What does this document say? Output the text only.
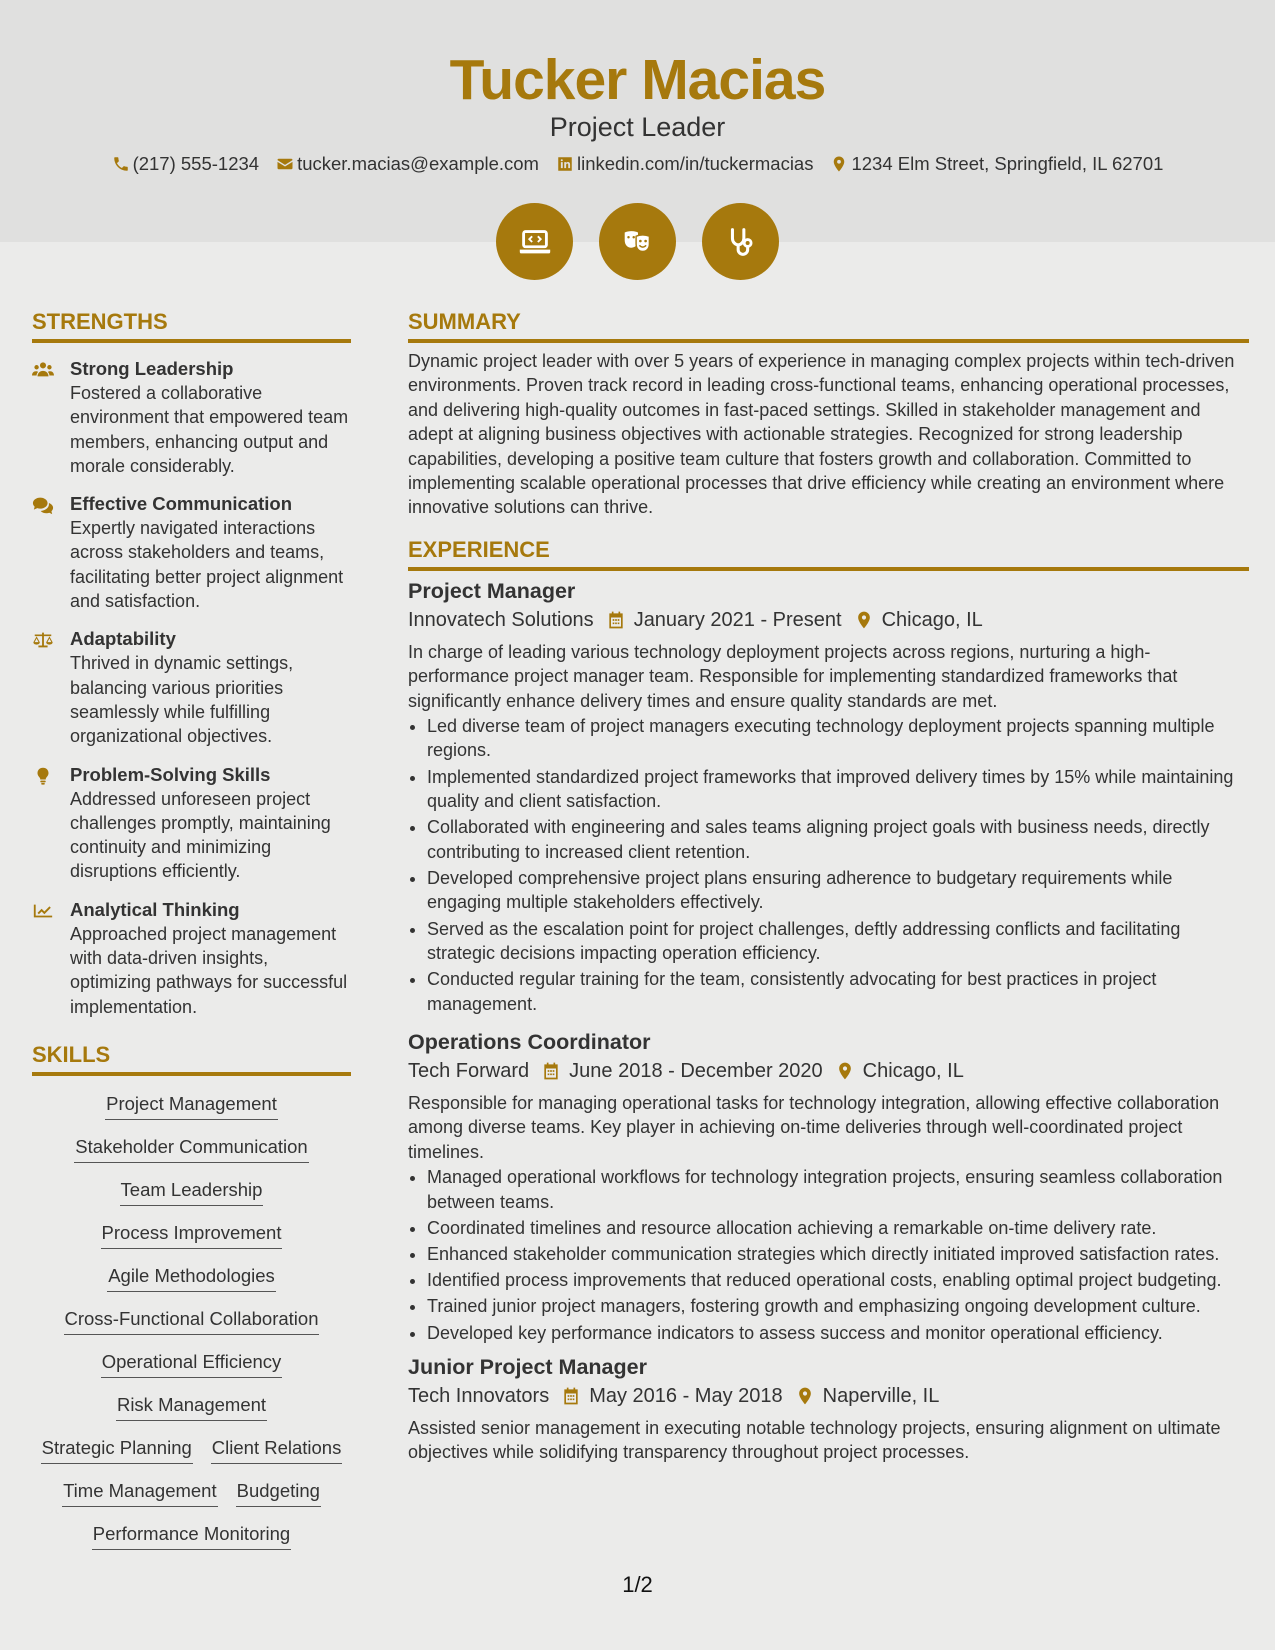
Tucker Macias
Project Leader
(217) 555-1234 tucker.macias@example.com linkedin.com/in/tuckermacias 1234 Elm Street, Springfield, IL 62701
STRENGTHS
Strong Leadership
Fostered a collaborative environment that empowered team members, enhancing output and morale considerably.
Effective Communication
Expertly navigated interactions across stakeholders and teams, facilitating better project alignment and satisfaction.
Adaptability
Thrived in dynamic settings, balancing various priorities seamlessly while fulfilling organizational objectives.
Problem-Solving Skills
Addressed unforeseen project challenges promptly, maintaining continuity and minimizing disruptions efficiently.
Analytical Thinking
Approached project management with data-driven insights, optimizing pathways for successful implementation.
SKILLS
Project Management
Stakeholder Communication
Team Leadership
Process Improvement
Agile Methodologies
Cross-Functional Collaboration
Operational Efficiency
Risk Management
Strategic Planning Client Relations
Time Management Budgeting
Performance Monitoring
SUMMARY
Dynamic project leader with over 5 years of experience in managing complex projects within tech-driven environments. Proven track record in leading cross-functional teams, enhancing operational processes, and delivering high-quality outcomes in fast-paced settings. Skilled in stakeholder management and adept at aligning business objectives with actionable strategies. Recognized for strong leadership capabilities, developing a positive team culture that fosters growth and collaboration. Committed to implementing scalable operational processes that drive efficiency while creating an environment where innovative solutions can thrive.
EXPERIENCE
Project Manager
Innovatech Solutions January 2021 - Present Chicago, IL
In charge of leading various technology deployment projects across regions, nurturing a high-performance project manager team. Responsible for implementing standardized frameworks that significantly enhance delivery times and ensure quality standards are met.
• Led diverse team of project managers executing technology deployment projects spanning multiple regions.
• Implemented standardized project frameworks that improved delivery times by 15% while maintaining quality and client satisfaction.
• Collaborated with engineering and sales teams aligning project goals with business needs, directly contributing to increased client retention.
• Developed comprehensive project plans ensuring adherence to budgetary requirements while engaging multiple stakeholders effectively.
• Served as the escalation point for project challenges, deftly addressing conflicts and facilitating strategic decisions impacting operation efficiency.
• Conducted regular training for the team, consistently advocating for best practices in project management.
Operations Coordinator
Tech Forward June 2018 - December 2020 Chicago, IL
Responsible for managing operational tasks for technology integration, allowing effective collaboration among diverse teams. Key player in achieving on-time deliveries through well-coordinated project timelines.
• Managed operational workflows for technology integration projects, ensuring seamless collaboration between teams.
• Coordinated timelines and resource allocation achieving a remarkable on-time delivery rate.
• Enhanced stakeholder communication strategies which directly initiated improved satisfaction rates.
• Identified process improvements that reduced operational costs, enabling optimal project budgeting.
• Trained junior project managers, fostering growth and emphasizing ongoing development culture.
• Developed key performance indicators to assess success and monitor operational efficiency.
Junior Project Manager
Tech Innovators May 2016 - May 2018 Naperville, IL
Assisted senior management in executing notable technology projects, ensuring alignment on ultimate objectives while solidifying transparency throughout project processes.
1/2
